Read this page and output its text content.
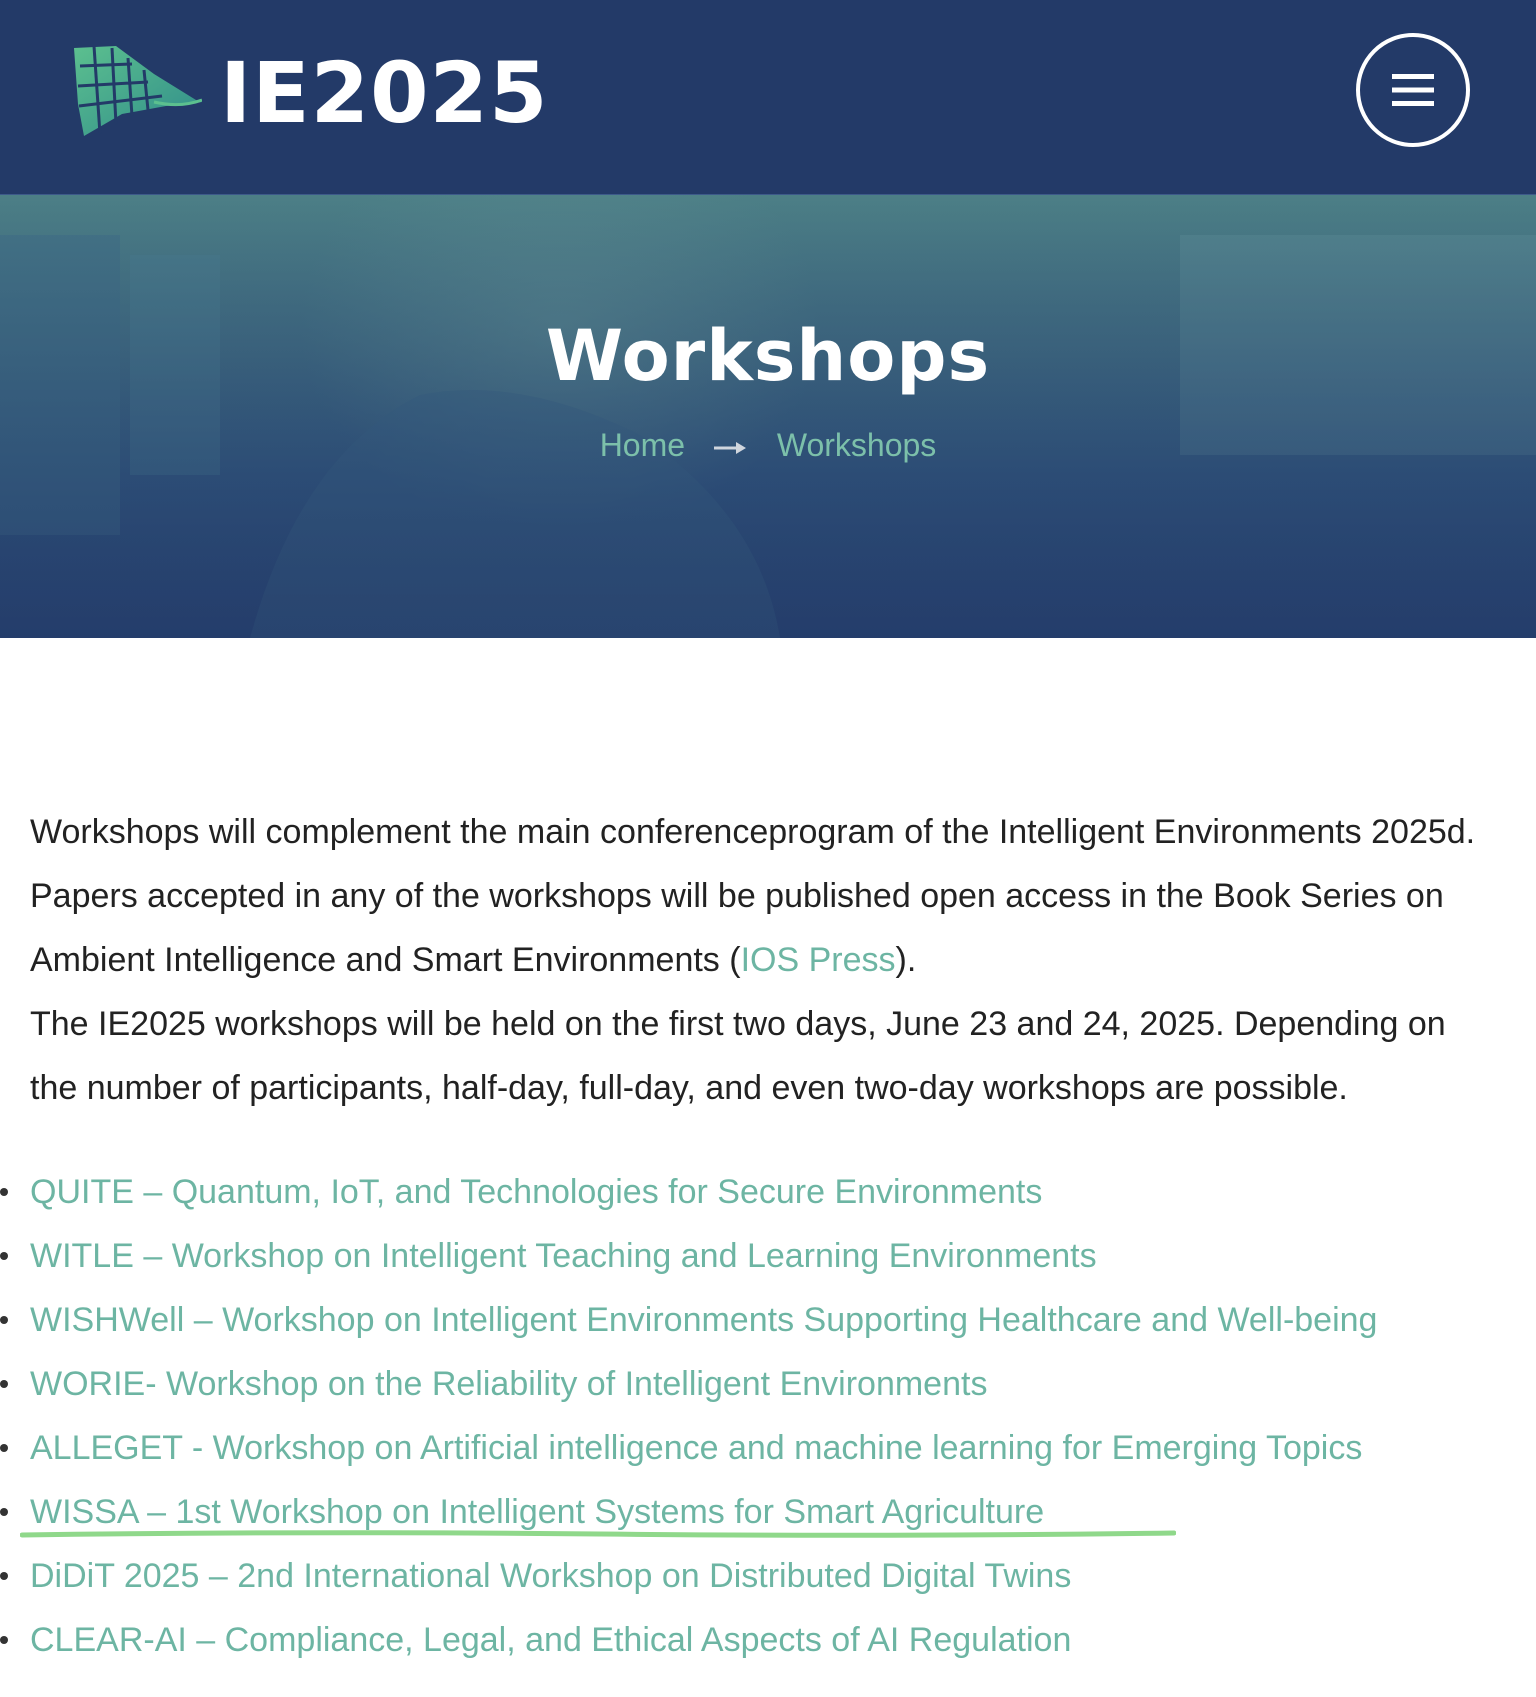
IE2025
Workshops
Home	Workshops

Workshops will complement the main conferenceprogram of the Intelligent Environments 2025d. Papers accepted in any of the workshops will be published open access in the Book Series on Ambient Intelligence and Smart Environments (IOS Press).
The IE2025 workshops will be held on the first two days, June 23 and 24, 2025. Depending on the number of participants, half-day, full-day, and even two-day workshops are possible.

QUITE – Quantum, IoT, and Technologies for Secure Environments
WITLE – Workshop on Intelligent Teaching and Learning Environments
WISHWell – Workshop on Intelligent Environments Supporting Healthcare and Well-being
WORIE- Workshop on the Reliability of Intelligent Environments
ALLEGET - Workshop on Artificial intelligence and machine learning for Emerging Topics
WISSA – 1st Workshop on Intelligent Systems for Smart Agriculture
DiDiT 2025 – 2nd International Workshop on Distributed Digital Twins
CLEAR-AI – Compliance, Legal, and Ethical Aspects of AI Regulation
